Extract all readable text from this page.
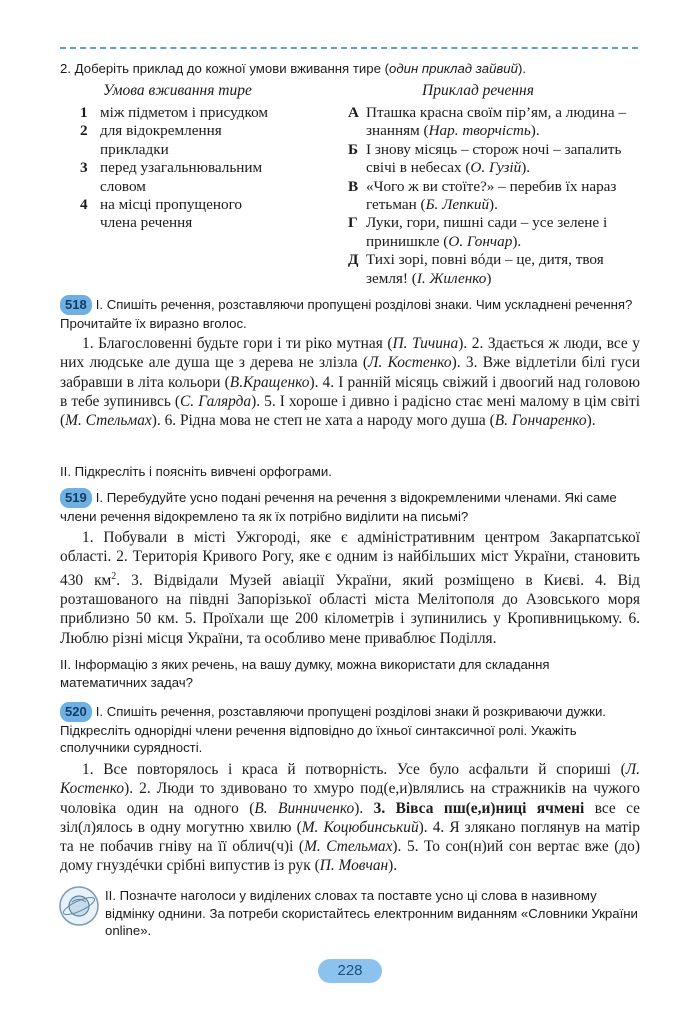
2. Доберіть приклад до кожної умови вживання тире (один приклад зайвий).
Умова вживання тире	Приклад речення
1 між підметом і присудком
2 для відокремлення прикладки
3 перед узагальнювальним словом
4 на місці пропущеного члена речення
А Пташка красна своїм пір’ям, а людина – знанням (Нар. творчість).
Б І знову місяць – сторож ночі – запалить свічі в небесах (О. Гузій).
В «Чого ж ви стоїте?» – перебив їх нараз гетьман (Б. Лепкий).
Г Луки, гори, пишні сади – усе зелене і принишкле (О. Гончар).
Д Тихі зорі, повні вóди – це, дитя, твоя земля! (І. Жиленко)
518 І. Спишіть речення, розставляючи пропущені розділові знаки. Чим ускладнені речення? Прочитайте їх виразно вголос.
1. Благословенні будьте гори і ти ріко мутная (П. Тичина). 2. Здається ж люди, все у них людське але душа ще з дерева не злізла (Л. Костенко). 3. Вже відлетіли білі гуси забравши в літа кольори (В.Кращенко). 4. І ранній місяць свіжий і двоогий над головою в тебе зупинивсь (С. Галярда). 5. І хороше і дивно і радісно стає мені малому в цім світі (М. Стельмах). 6. Рідна мова не степ не хата а народу мого душа (В. Гончаренко).
ІІ. Підкресліть і поясніть вивчені орфограми.
519 І. Перебудуйте усно подані речення на речення з відокремленими членами. Які саме члени речення відокремлено та як їх потрібно виділити на письмі?
1. Побували в місті Ужгороді, яке є адміністративним центром Закарпатської області. 2. Територія Кривого Рогу, яке є одним із найбільших міст України, становить 430 $км^2$. 3. Відвідали Музей авіації України, який розміщено в Києві. 4. Від розташованого на півдні Запорізької області міста Мелітополя до Азовського моря приблизно 50 км. 5. Проїхали ще 200 кілометрів і зупинились у Кропивницькому. 6. Люблю різні місця України, та особливо мене приваблює Поділля.
ІІ. Інформацію з яких речень, на вашу думку, можна використати для складання математичних задач?
520 І. Спишіть речення, розставляючи пропущені розділові знаки й розкриваючи дужки. Підкресліть однорідні члени речення відповідно до їхньої синтаксичної ролі. Укажіть сполучники сурядності.
1. Все повторялось і краса й потворність. Усе було асфальти й спориші (Л. Костенко). 2. Люди то здивовано то хмуро под(е,и)влялись на стражників на чужого чоловіка один на одного (В. Винниченко). 3. Вівса пш(е,и)ниці ячмені все се зіл(л)ялось в одну могутню хвилю (М. Коцюбинський). 4. Я злякано поглянув на матір та не побачив гніву на її облич(ч)і (М. Стельмах). 5. То сон(н)ий сон вертає вже (до) дому гнуздéчки срібні випустив із рук (П. Мовчан).
ІІ. Позначте наголоси у виділених словах та поставте усно ці слова в називному відмінку однини. За потреби скористайтесь електронним виданням «Словники України online».
228
